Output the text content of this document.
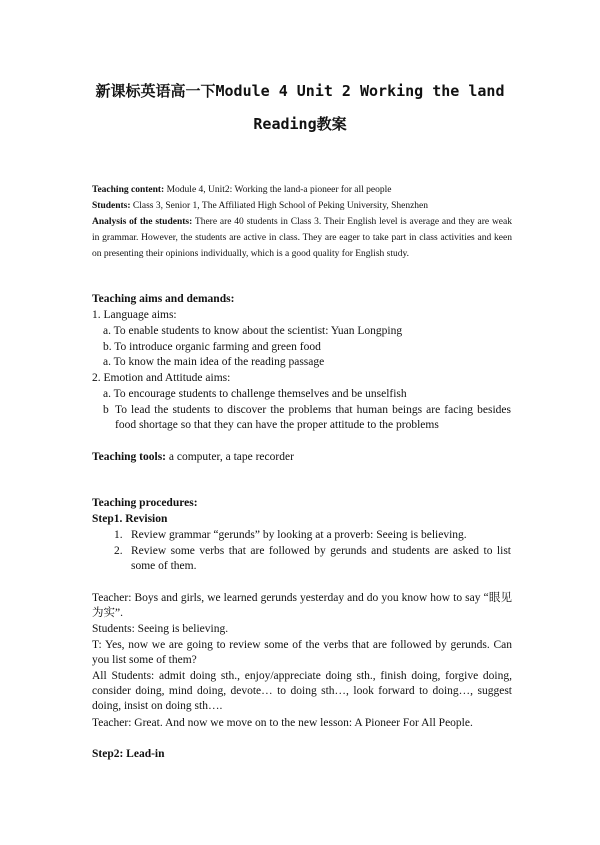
新课标英语高一下Module 4 Unit 2 Working the land
Reading教案
Teaching content: Module 4, Unit2: Working the land-a pioneer for all people
Students: Class 3, Senior 1, The Affiliated High School of Peking University, Shenzhen
Analysis of the students: There are 40 students in Class 3. Their English level is average and they are weak in grammar. However, the students are active in class. They are eager to take part in class activities and keen on presenting their opinions individually, which is a good quality for English study.
Teaching aims and demands:
1. Language aims:
a. To enable students to know about the scientist: Yuan Longping
b. To introduce organic farming and green food
a. To know the main idea of the reading passage
2. Emotion and Attitude aims:
a. To encourage students to challenge themselves and be unselfish
b To lead the students to discover the problems that human beings are facing besides food shortage so that they can have the proper attitude to the problems
Teaching tools: a computer, a tape recorder
Teaching procedures:
Step1. Revision
1. Review grammar “gerunds” by looking at a proverb: Seeing is believing.
2. Review some verbs that are followed by gerunds and students are asked to list some of them.
Teacher: Boys and girls, we learned gerunds yesterday and do you know how to say “眼见为实”.
Students: Seeing is believing.
T: Yes, now we are going to review some of the verbs that are followed by gerunds. Can you list some of them?
All Students: admit doing sth., enjoy/appreciate doing sth., finish doing, forgive doing, consider doing, mind doing, devote… to doing sth…, look forward to doing…, suggest doing, insist on doing sth….
Teacher: Great. And now we move on to the new lesson: A Pioneer For All People.
Step2: Lead-in
